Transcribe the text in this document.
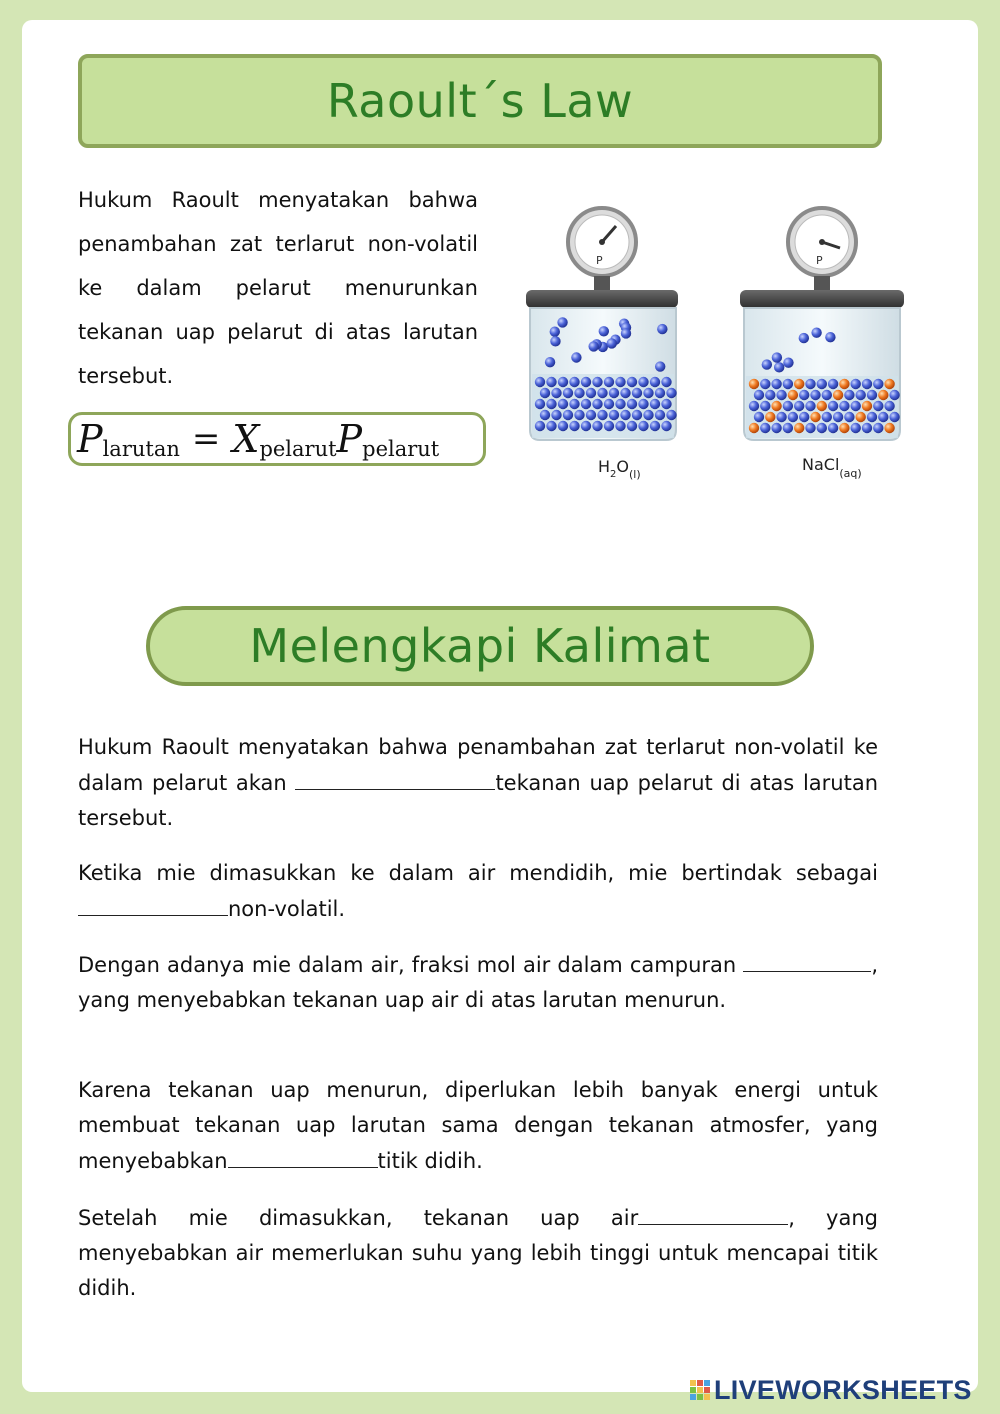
Raoult´s Law
Hukum Raoult menyatakan bahwa penambahan zat terlarut non-volatil ke dalam pelarut menurunkan tekanan uap pelarut di atas larutan tersebut.
P larutan = X pelarut P pelarut
P	P
$H_2O_{(l)}$
NaCl$_{(aq)}$
Melengkapi Kalimat
Hukum Raoult menyatakan bahwa penambahan zat terlarut non-volatil ke dalam pelarut akan	tekanan uap pelarut di atas larutan tersebut.
Ketika mie dimasukkan ke dalam air mendidih, mie bertindak sebagai non-volatil.
Dengan adanya mie dalam air, fraksi mol air dalam campuran	, yang menyebabkan tekanan uap air di atas larutan menurun.
Karena tekanan uap menurun, diperlukan lebih banyak energi untuk membuat tekanan uap larutan sama dengan tekanan atmosfer, yang menyebabkan	titik didih.
Setelah mie dimasukkan, tekanan uap air	, yang menyebabkan air memerlukan suhu yang lebih tinggi untuk mencapai titik didih.
LIVEWORKSHEETS
